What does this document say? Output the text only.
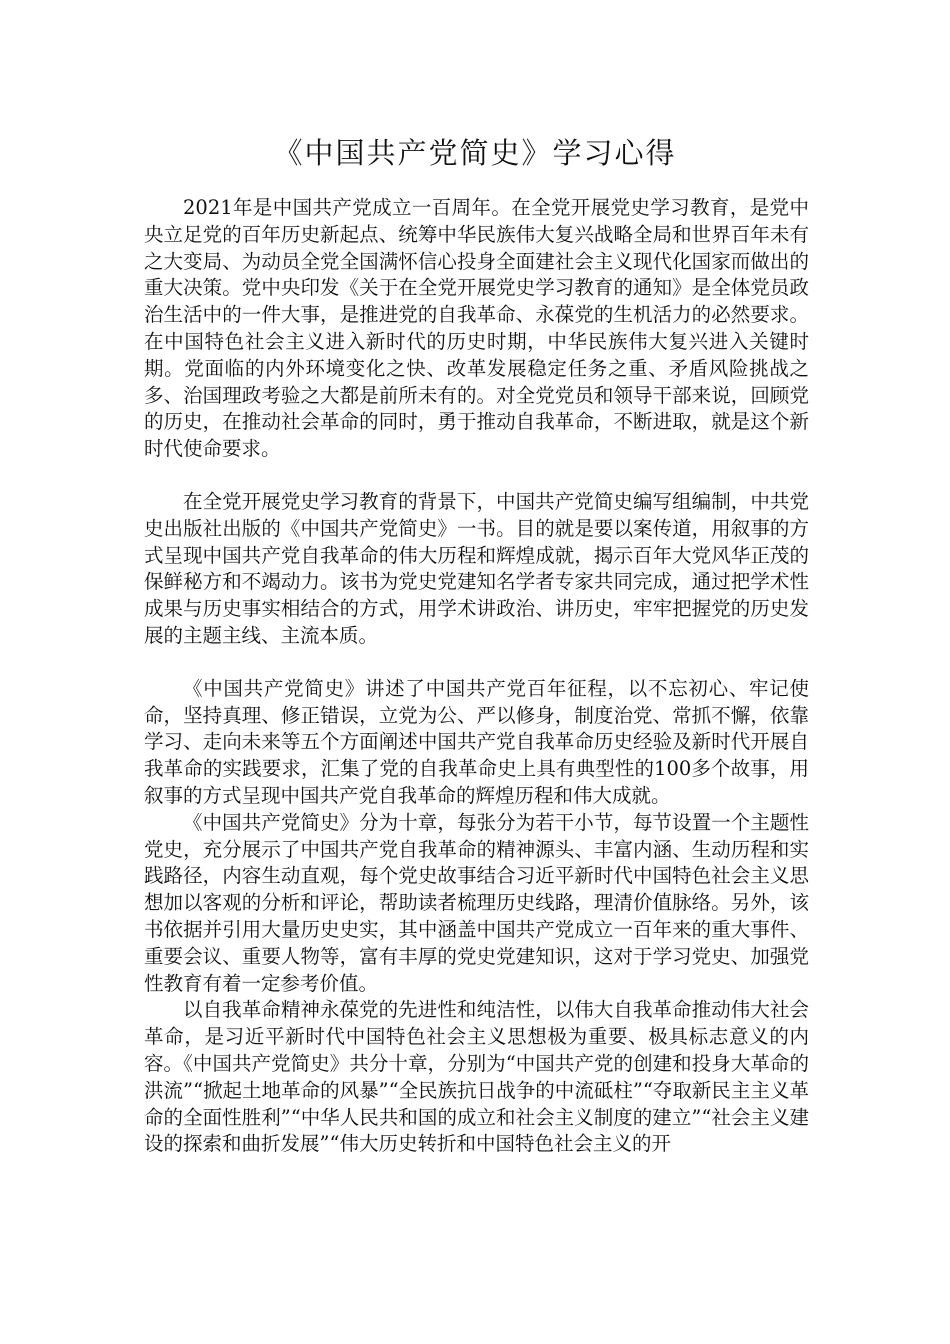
《中国共产党简史》学习心得

2021年是中国共产党成立一百周年。在全党开展党史学习教育，是党中央立足党的百年历史新起点、统筹中华民族伟大复兴战略全局和世界百年未有之大变局、为动员全党全国满怀信心投身全面建社会主义现代化国家而做出的重大决策。党中央印发《关于在全党开展党史学习教育的通知》是全体党员政治生活中的一件大事，是推进党的自我革命、永葆党的生机活力的必然要求。在中国特色社会主义进入新时代的历史时期，中华民族伟大复兴进入关键时期。党面临的内外环境变化之快、改革发展稳定任务之重、矛盾风险挑战之多、治国理政考验之大都是前所未有的。对全党党员和领导干部来说，回顾党的历史，在推动社会革命的同时，勇于推动自我革命，不断进取，就是这个新时代使命要求。

在全党开展党史学习教育的背景下，中国共产党简史编写组编制，中共党史出版社出版的《中国共产党简史》一书。目的就是要以案传道，用叙事的方式呈现中国共产党自我革命的伟大历程和辉煌成就，揭示百年大党风华正茂的保鲜秘方和不竭动力。该书为党史党建知名学者专家共同完成，通过把学术性成果与历史事实相结合的方式，用学术讲政治、讲历史，牢牢把握党的历史发展的主题主线、主流本质。

《中国共产党简史》讲述了中国共产党百年征程，以不忘初心、牢记使命，坚持真理、修正错误，立党为公、严以修身，制度治党、常抓不懈，依靠学习、走向未来等五个方面阐述中国共产党自我革命历史经验及新时代开展自我革命的实践要求，汇集了党的自我革命史上具有典型性的100多个故事，用叙事的方式呈现中国共产党自我革命的辉煌历程和伟大成就。

《中国共产党简史》分为十章，每张分为若干小节，每节设置一个主题性党史，充分展示了中国共产党自我革命的精神源头、丰富内涵、生动历程和实践路径，内容生动直观，每个党史故事结合习近平新时代中国特色社会主义思想加以客观的分析和评论，帮助读者梳理历史线路，理清价值脉络。另外，该书依据并引用大量历史史实，其中涵盖中国共产党成立一百年来的重大事件、重要会议、重要人物等，富有丰厚的党史党建知识，这对于学习党史、加强党性教育有着一定参考价值。

以自我革命精神永葆党的先进性和纯洁性，以伟大自我革命推动伟大社会革命，是习近平新时代中国特色社会主义思想极为重要、极具标志意义的内容。《中国共产党简史》共分十章，分别为“中国共产党的创建和投身大革命的洪流”“掀起土地革命的风暴”“全民族抗日战争的中流砥柱”“夺取新民主主义革命的全面性胜利”“中华人民共和国的成立和社会主义制度的建立”“社会主义建设的探索和曲折发展”“伟大历史转折和中国特色社会主义的开
